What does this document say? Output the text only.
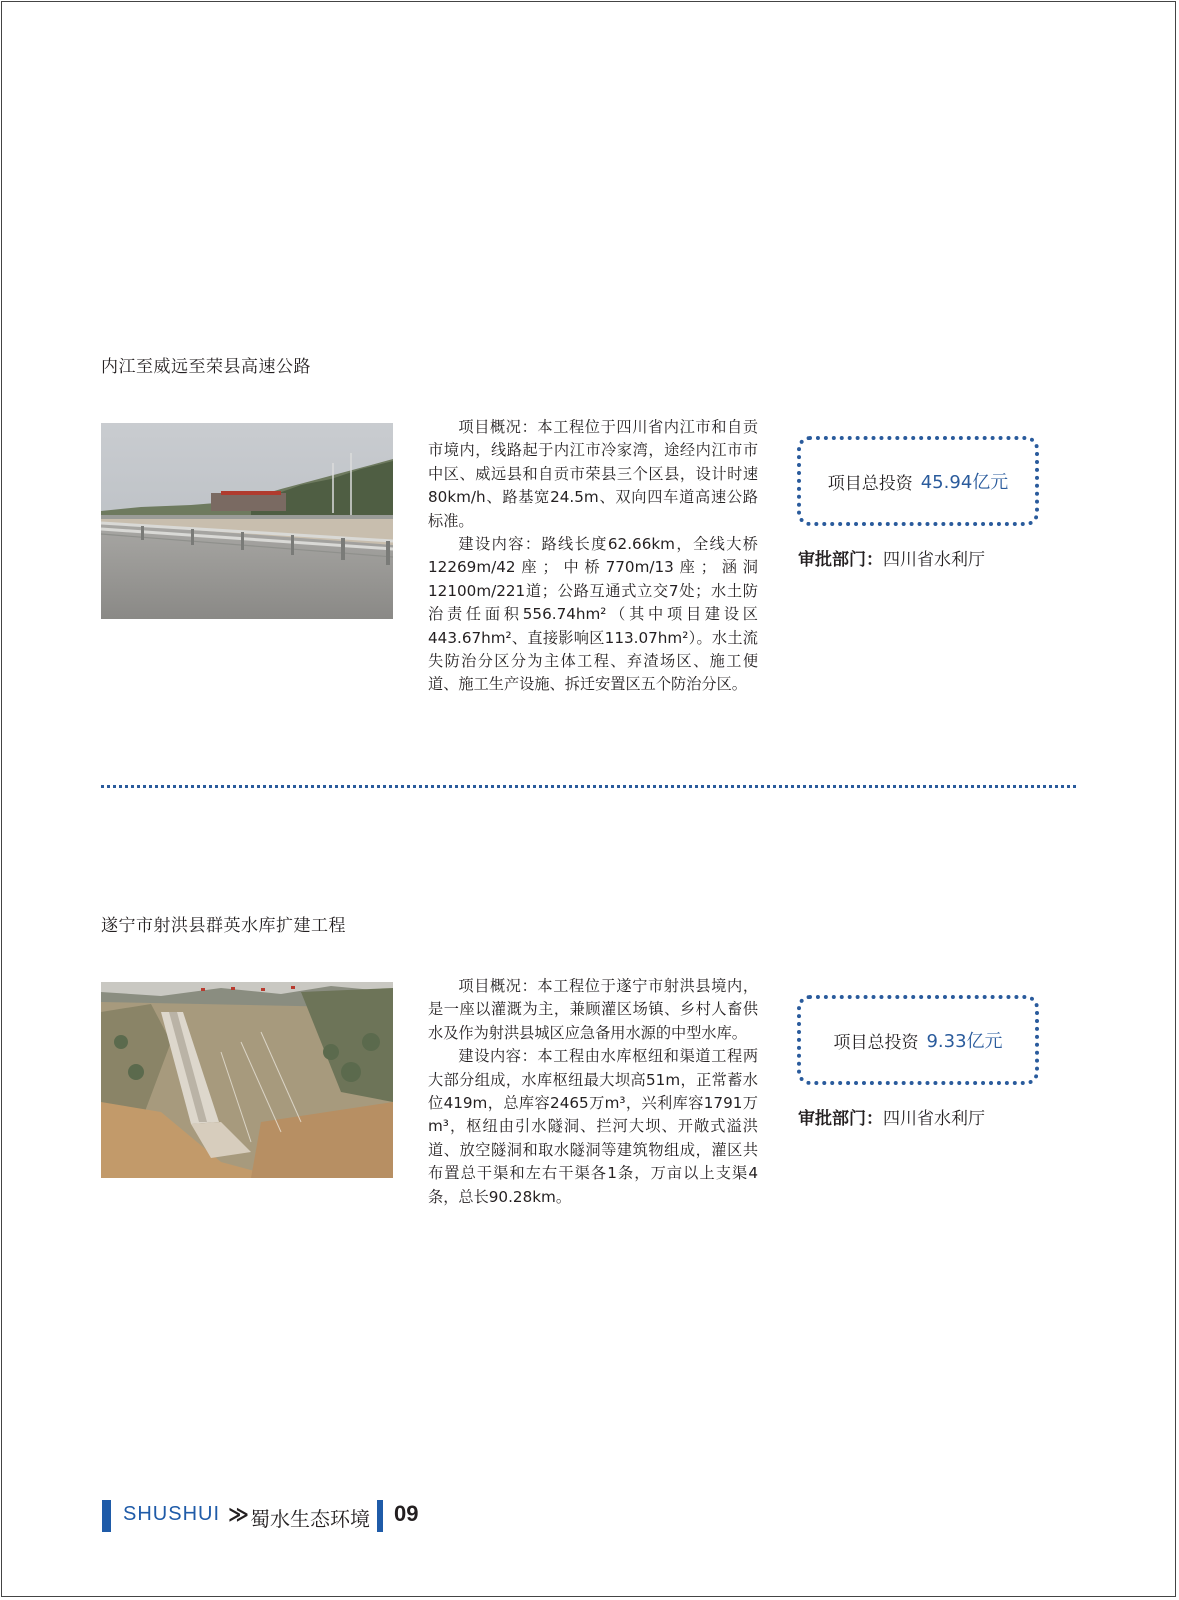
内江至威远至荣县高速公路

项目概况：本工程位于四川省内江市和自贡市境内，线路起于内江市冷家湾，途经内江市市中区、威远县和自贡市荣县三个区县，设计时速80km/h、路基宽24.5m、双向四车道高速公路标准。

建设内容：路线长度62.66km，全线大桥12269m/42座；中桥770m/13座；涵洞12100m/221道；公路互通式立交7处；水土防治责任面积556.74hm²（其中项目建设区443.67hm²、直接影响区113.07hm²）。水土流失防治分区分为主体工程、弃渣场区、施工便道、施工生产设施、拆迁安置区五个防治分区。

项目总投资 45.94亿元
审批部门：四川省水利厅
遂宁市射洪县群英水库扩建工程

项目概况：本工程位于遂宁市射洪县境内，是一座以灌溉为主，兼顾灌区场镇、乡村人畜供水及作为射洪县城区应急备用水源的中型水库。

建设内容：本工程由水库枢纽和渠道工程两大部分组成，水库枢纽最大坝高51m，正常蓄水位419m，总库容2465万m³，兴利库容1791万m³，枢纽由引水隧洞、拦河大坝、开敞式溢洪道、放空隧洞和取水隧洞等建筑物组成，灌区共布置总干渠和左右干渠各1条，万亩以上支渠4条，总长90.28km。

项目总投资 9.33亿元
审批部门：四川省水利厅
SHUSHUI ≫ 蜀水生态环境 09
